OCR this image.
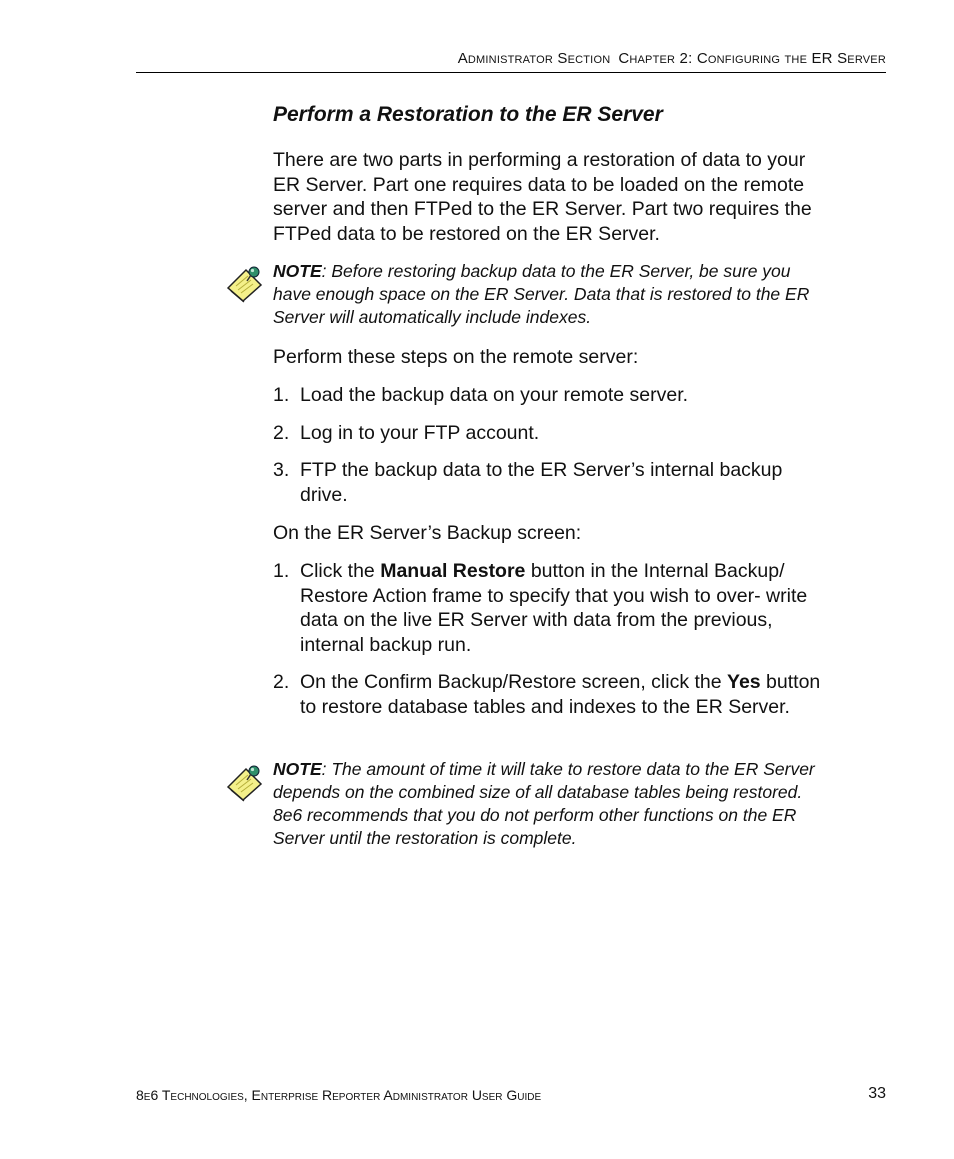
Administrator Section Chapter 2: Configuring the ER Server
Perform a Restoration to the ER Server

There are two parts in performing a restoration of data to your ER Server. Part one requires data to be loaded on the remote server and then FTPed to the ER Server. Part two requires the FTPed data to be restored on the ER Server.

NOTE: Before restoring backup data to the ER Server, be sure you have enough space on the ER Server. Data that is restored to the ER Server will automatically include indexes.

Perform these steps on the remote server:

1. Load the backup data on your remote server.
2. Log in to your FTP account.
3. FTP the backup data to the ER Server’s internal backup drive.

On the ER Server’s Backup screen:

1. Click the Manual Restore button in the Internal Backup/ Restore Action frame to specify that you wish to over- write data on the live ER Server with data from the previous, internal backup run.
2. On the Confirm Backup/Restore screen, click the Yes button to restore database tables and indexes to the ER Server.

NOTE: The amount of time it will take to restore data to the ER Server depends on the combined size of all database tables being restored. 8e6 recommends that you do not perform other functions on the ER Server until the restoration is complete.

8e6 Technologies, Enterprise Reporter Administrator User Guide	33
